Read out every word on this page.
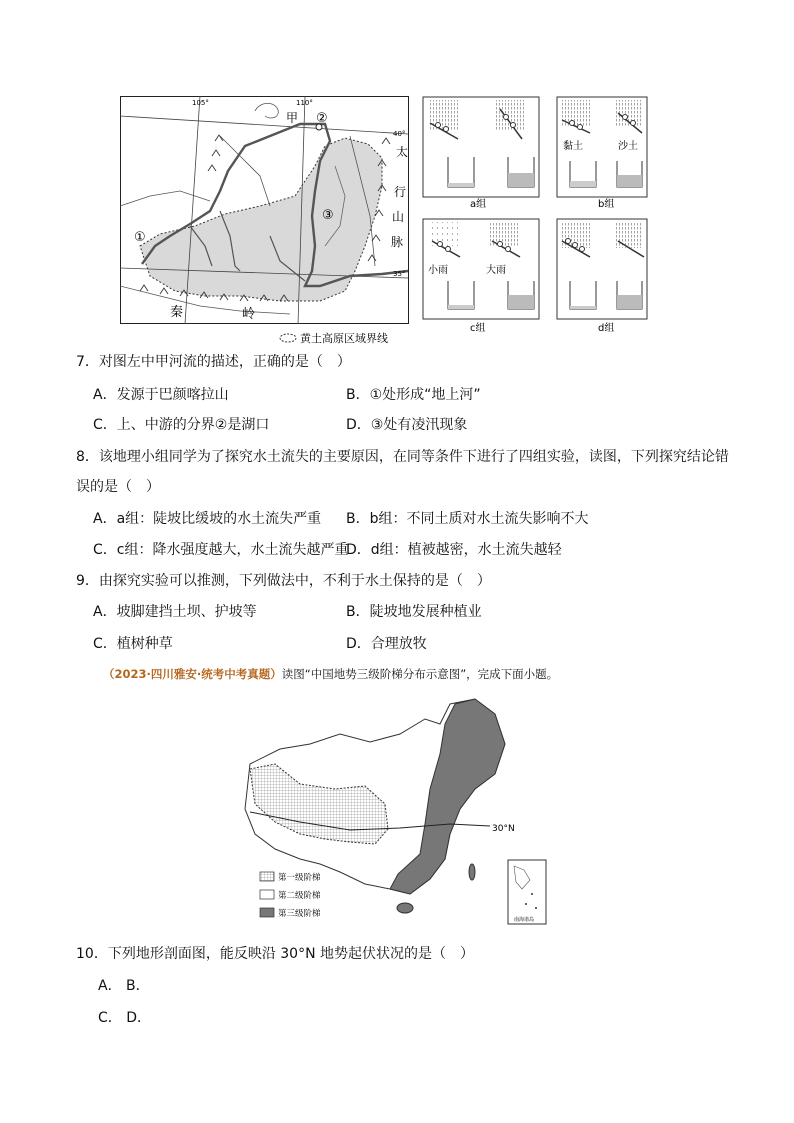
105°	110°
40°
35°
甲 ②
①
③
太
行
山
脉
秦	岭
黄土高原区域界线
a组	b组
c组	d组
黏土	沙土
小雨	大雨
7．对图左中甲河流的描述，正确的是（　）
A．发源于巴颜喀拉山	B．①处形成“地上河”
C．上、中游的分界②是湖口	D．③处有凌汛现象
8．该地理小组同学为了探究水土流失的主要原因，在同等条件下进行了四组实验，读图，下列探究结论错
误的是（　）
A．a组：陡坡比缓坡的水土流失严重 B．b组：不同土质对水土流失影响不大
C．c组：降水强度越大，水土流失越严重
D．d组：植被越密，水土流失越轻
9．由探究实验可以推测，下列做法中，不利于水土保持的是（　）
A．坡脚建挡土坝、护坡等	B．陡坡地发展种植业
C．植树种草	D．合理放牧
（2023·四川雅安·统考中考真题）读图“中国地势三级阶梯分布示意图”，完成下面小题。
30°N
第一级阶梯
第二级阶梯
第三级阶梯
南海诸岛
10．下列地形剖面图，能反映沿 30°N 地势起伏状况的是（　）
A． B．
C． D．
